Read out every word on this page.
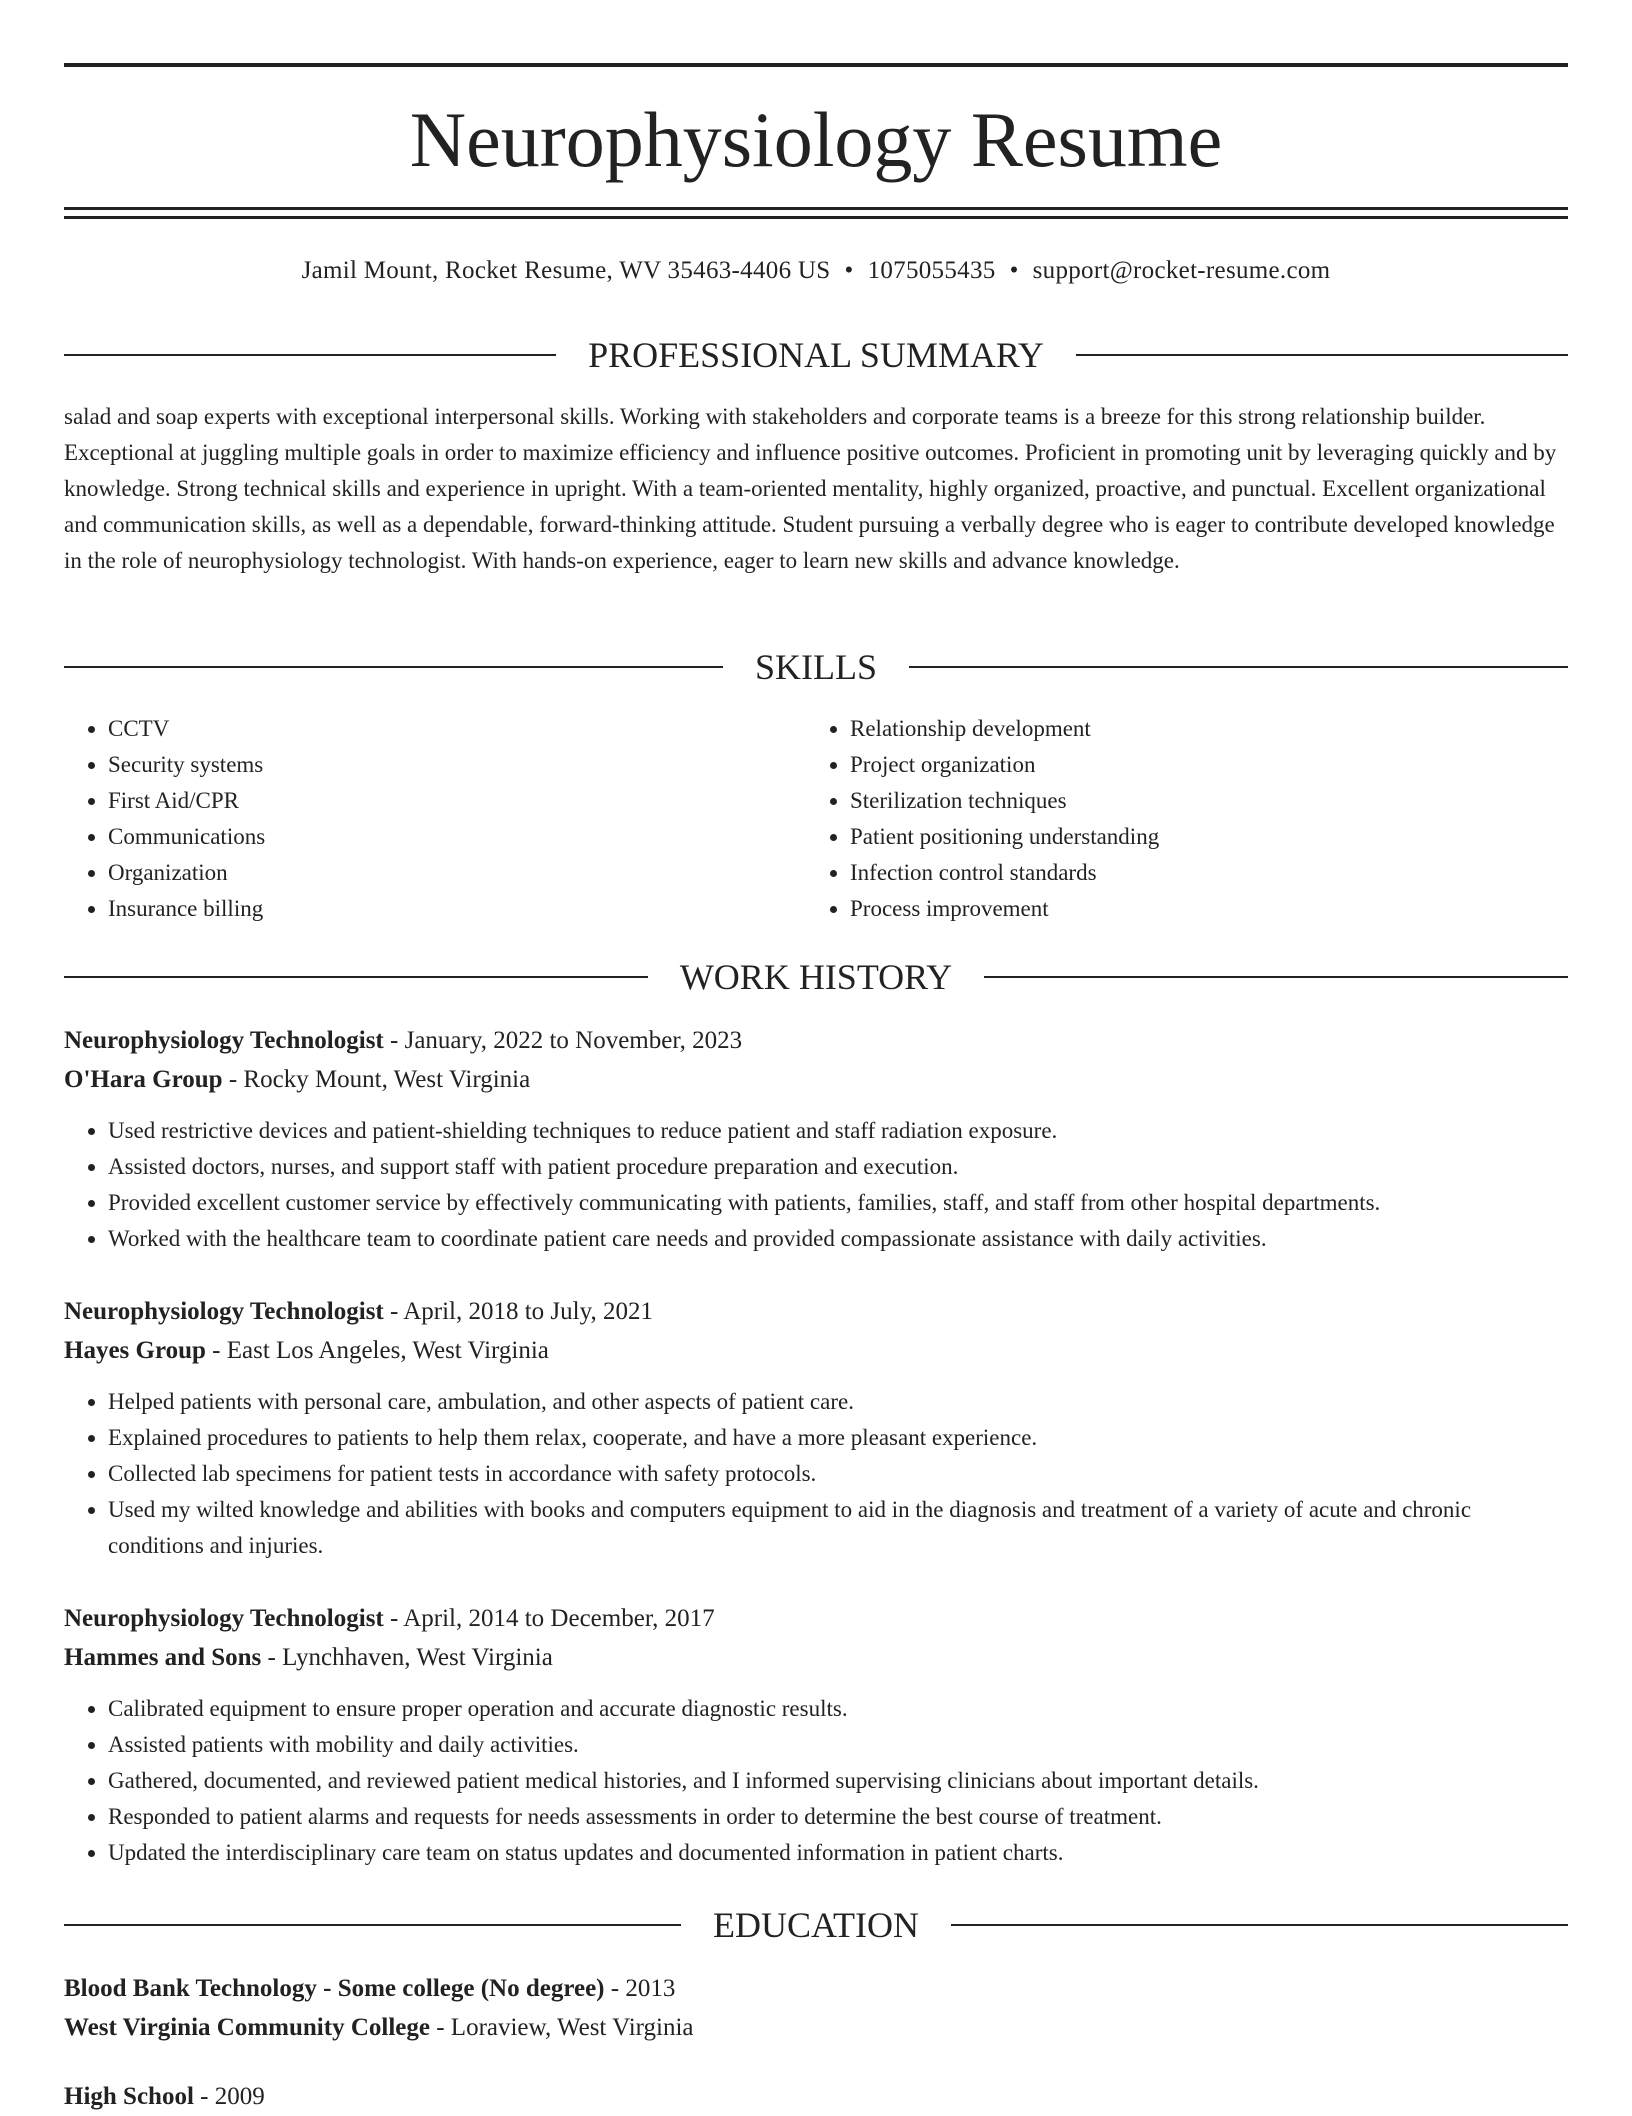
Neurophysiology Resume
Jamil Mount, Rocket Resume, WV 35463-4406 US • 1075055435 • support@rocket-resume.com
PROFESSIONAL SUMMARY

salad and soap experts with exceptional interpersonal skills. Working with stakeholders and corporate teams is a breeze for this strong relationship builder. Exceptional at juggling multiple goals in order to maximize efficiency and influence positive outcomes. Proficient in promoting unit by leveraging quickly and by knowledge. Strong technical skills and experience in upright. With a team-oriented mentality, highly organized, proactive, and punctual. Excellent organizational and communication skills, as well as a dependable, forward-thinking attitude. Student pursuing a verbally degree who is eager to contribute developed knowledge in the role of neurophysiology technologist. With hands-on experience, eager to learn new skills and advance knowledge.

SKILLS
• CCTV
• Security systems
• First Aid/CPR
• Communications
• Organization
• Insurance billing
• Relationship development
• Project organization
• Sterilization techniques
• Patient positioning understanding
• Infection control standards
• Process improvement
WORK HISTORY
Neurophysiology Technologist - January, 2022 to November, 2023
O'Hara Group - Rocky Mount, West Virginia
• Used restrictive devices and patient-shielding techniques to reduce patient and staff radiation exposure.
• Assisted doctors, nurses, and support staff with patient procedure preparation and execution.
• Provided excellent customer service by effectively communicating with patients, families, staff, and staff from other hospital departments.
• Worked with the healthcare team to coordinate patient care needs and provided compassionate assistance with daily activities.
Neurophysiology Technologist - April, 2018 to July, 2021
Hayes Group - East Los Angeles, West Virginia
• Helped patients with personal care, ambulation, and other aspects of patient care.
• Explained procedures to patients to help them relax, cooperate, and have a more pleasant experience.
• Collected lab specimens for patient tests in accordance with safety protocols.
• Used my wilted knowledge and abilities with books and computers equipment to aid in the diagnosis and treatment of a variety of acute and chronic conditions and injuries.
Neurophysiology Technologist - April, 2014 to December, 2017
Hammes and Sons - Lynchhaven, West Virginia
• Calibrated equipment to ensure proper operation and accurate diagnostic results.
• Assisted patients with mobility and daily activities.
• Gathered, documented, and reviewed patient medical histories, and I informed supervising clinicians about important details.
• Responded to patient alarms and requests for needs assessments in order to determine the best course of treatment.
• Updated the interdisciplinary care team on status updates and documented information in patient charts.
EDUCATION
Blood Bank Technology - Some college (No degree) - 2013
West Virginia Community College - Loraview, West Virginia
High School - 2009
